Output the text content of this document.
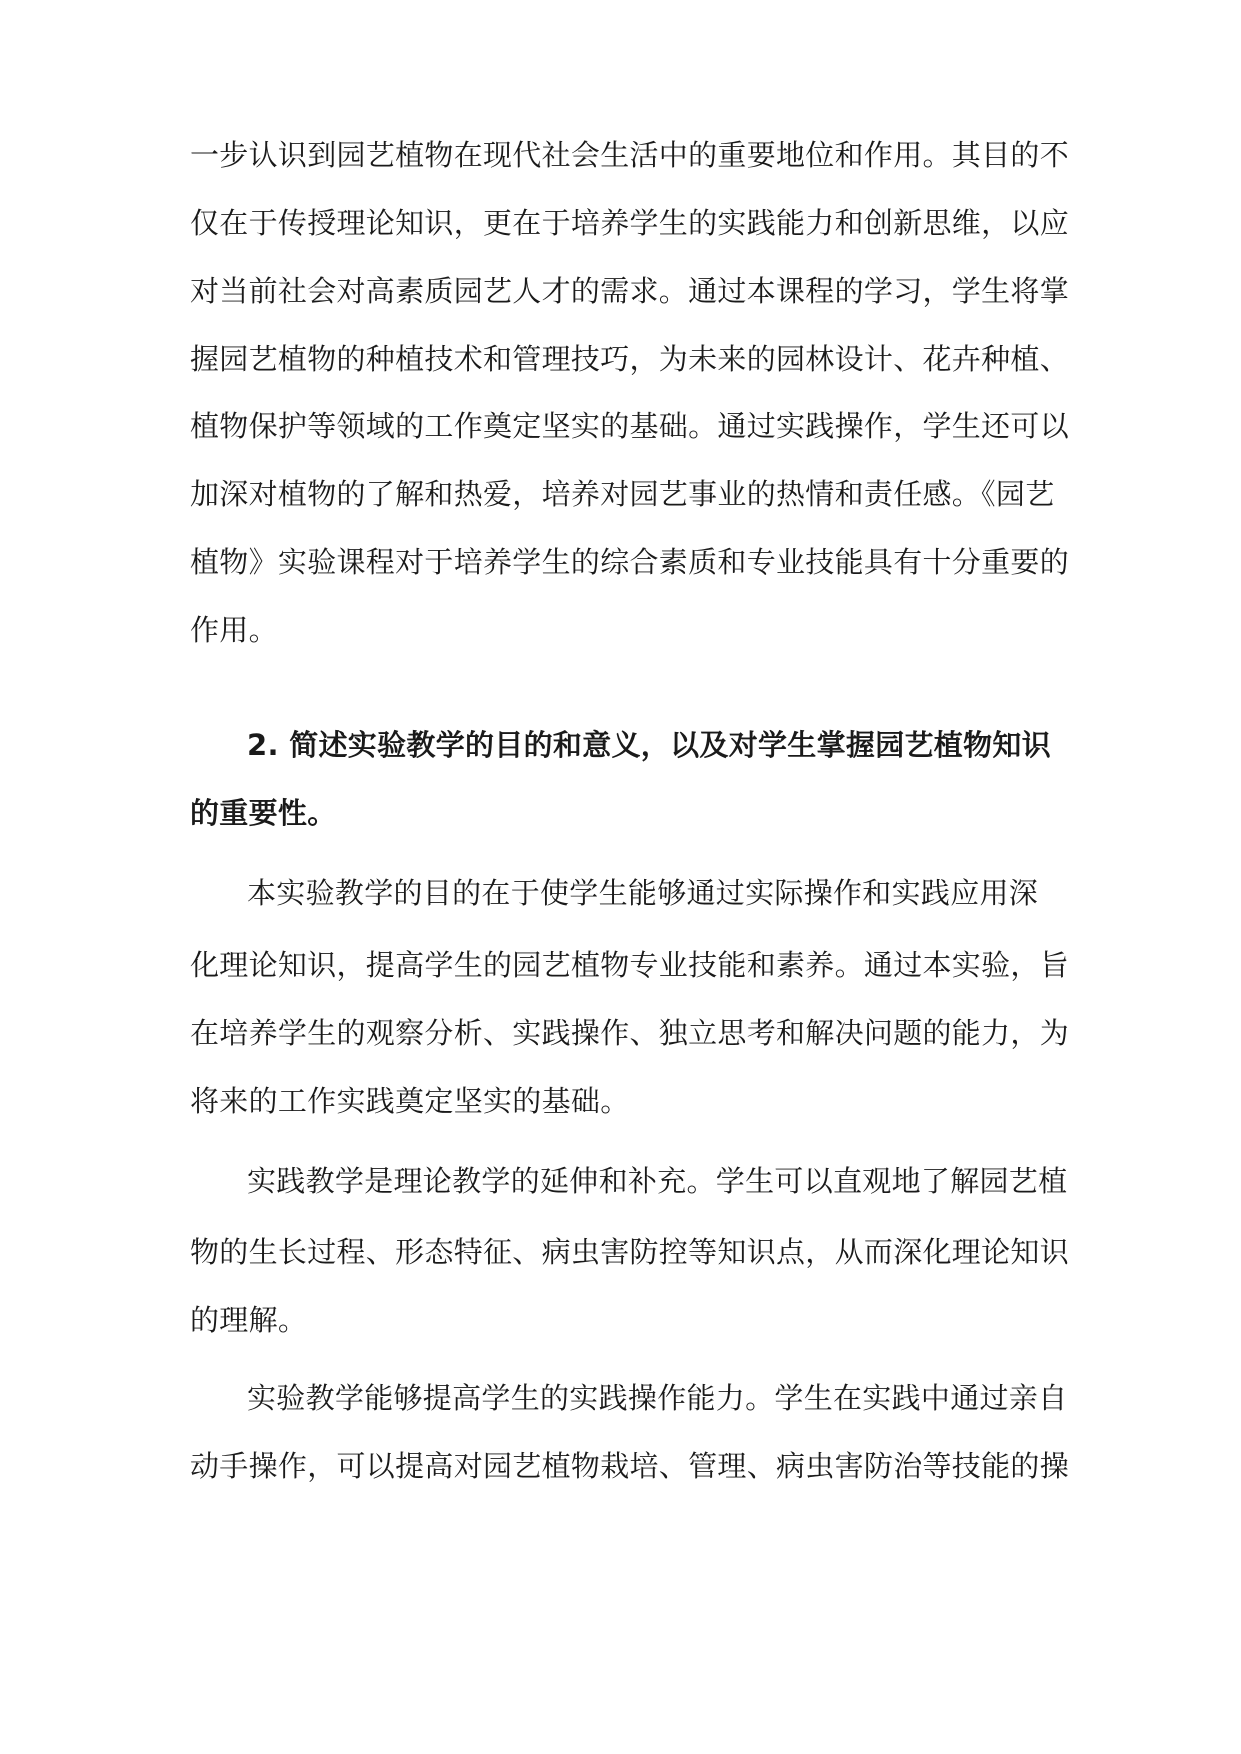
一步认识到园艺植物在现代社会生活中的重要地位和作用。其目的不
仅在于传授理论知识，更在于培养学生的实践能力和创新思维，以应
对当前社会对高素质园艺人才的需求。通过本课程的学习，学生将掌
握园艺植物的种植技术和管理技巧，为未来的园林设计、花卉种植、
植物保护等领域的工作奠定坚实的基础。通过实践操作，学生还可以
加深对植物的了解和热爱，培养对园艺事业的热情和责任感。《园艺
植物》实验课程对于培养学生的综合素质和专业技能具有十分重要的
作用。
2. 简述实验教学的目的和意义，以及对学生掌握园艺植物知识
的重要性。
本实验教学的目的在于使学生能够通过实际操作和实践应用深
化理论知识，提高学生的园艺植物专业技能和素养。通过本实验，旨
在培养学生的观察分析、实践操作、独立思考和解决问题的能力，为
将来的工作实践奠定坚实的基础。
实践教学是理论教学的延伸和补充。学生可以直观地了解园艺植
物的生长过程、形态特征、病虫害防控等知识点，从而深化理论知识
的理解。
实验教学能够提高学生的实践操作能力。学生在实践中通过亲自
动手操作，可以提高对园艺植物栽培、管理、病虫害防治等技能的操
